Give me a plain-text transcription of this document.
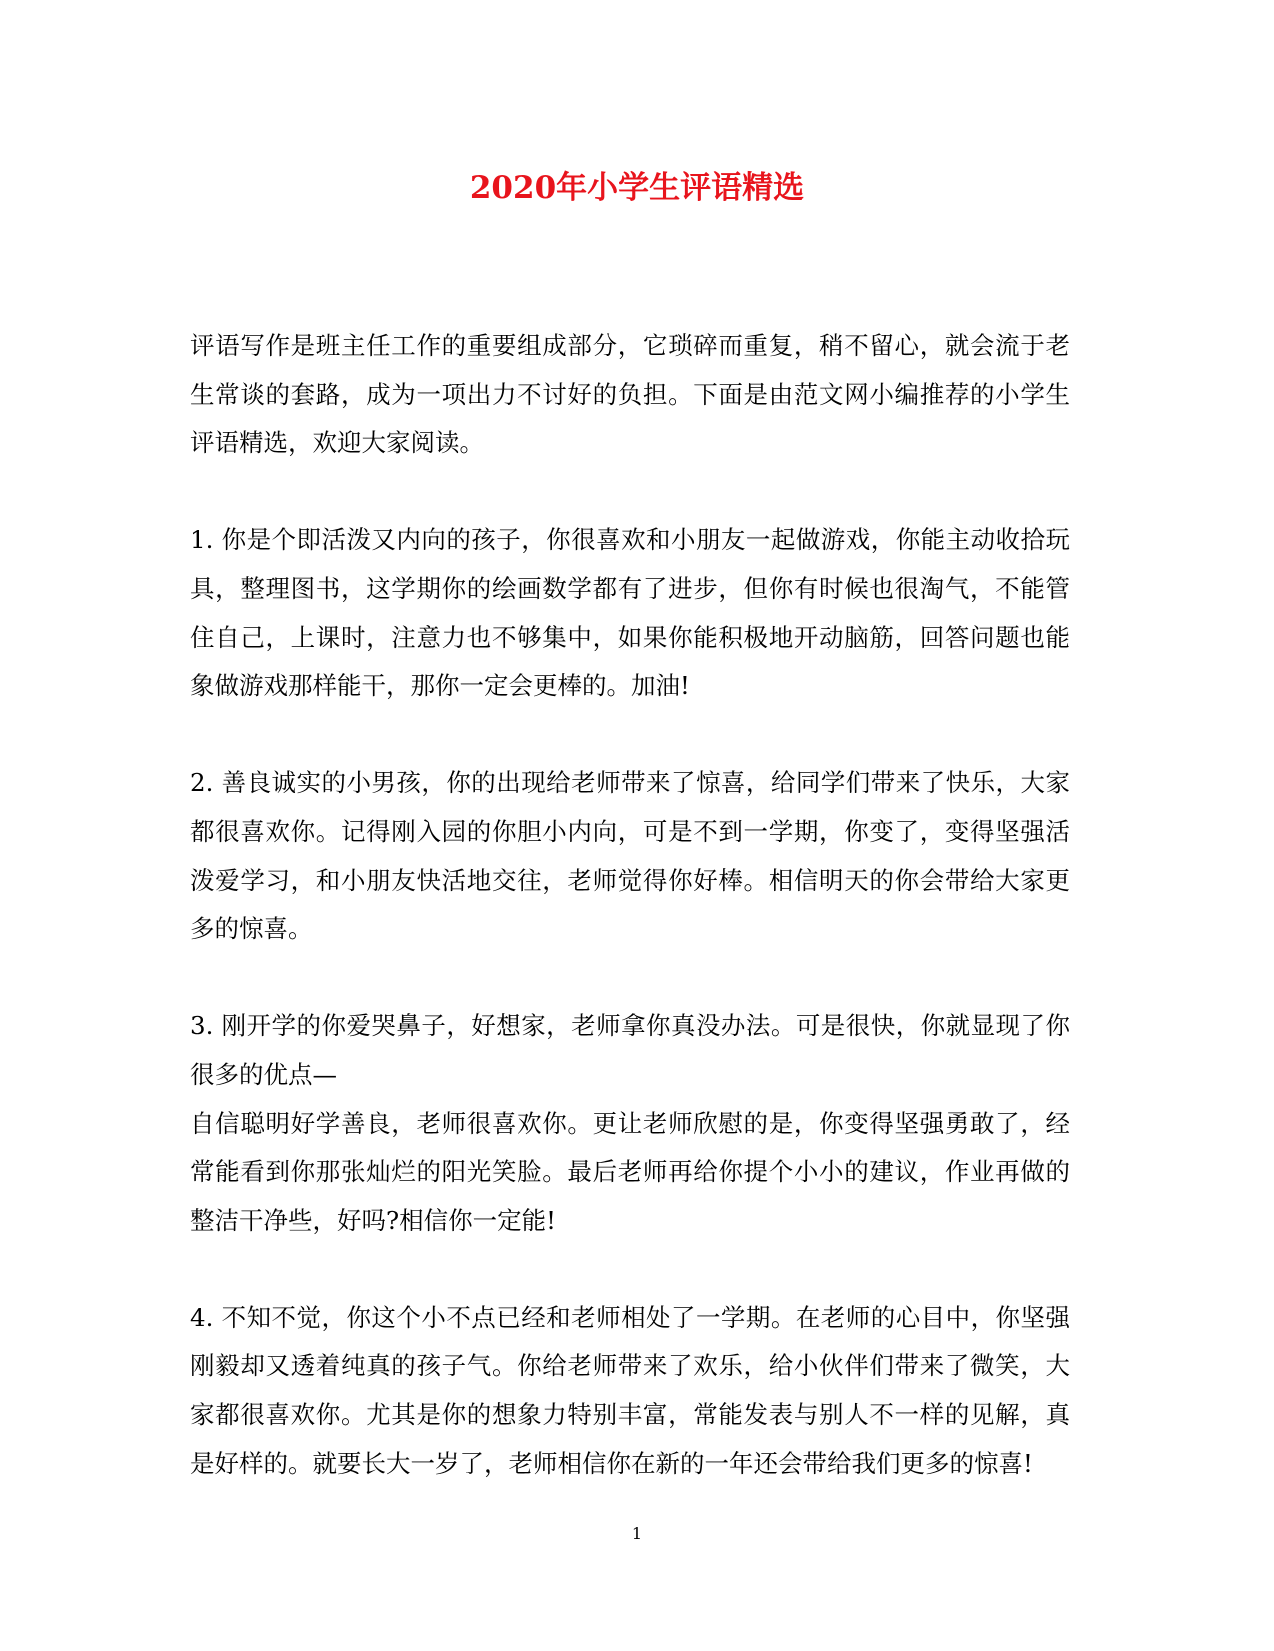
2020年小学生评语精选

评语写作是班主任工作的重要组成部分，它琐碎而重复，稍不留心，就会流于老生常谈的套路，成为一项出力不讨好的负担。下面是由范文网小编推荐的小学生评语精选，欢迎大家阅读。

1. 你是个即活泼又内向的孩子，你很喜欢和小朋友一起做游戏，你能主动收拾玩具，整理图书，这学期你的绘画数学都有了进步，但你有时候也很淘气，不能管住自己，上课时，注意力也不够集中，如果你能积极地开动脑筋，回答问题也能象做游戏那样能干，那你一定会更棒的。加油!

2. 善良诚实的小男孩，你的出现给老师带来了惊喜，给同学们带来了快乐，大家都很喜欢你。记得刚入园的你胆小内向，可是不到一学期，你变了，变得坚强活泼爱学习，和小朋友快活地交往，老师觉得你好棒。相信明天的你会带给大家更多的惊喜。

3. 刚开学的你爱哭鼻子，好想家，老师拿你真没办法。可是很快，你就显现了你很多的优点—

自信聪明好学善良，老师很喜欢你。更让老师欣慰的是，你变得坚强勇敢了，经常能看到你那张灿烂的阳光笑脸。最后老师再给你提个小小的建议，作业再做的整洁干净些，好吗?相信你一定能!

4. 不知不觉，你这个小不点已经和老师相处了一学期。在老师的心目中，你坚强刚毅却又透着纯真的孩子气。你给老师带来了欢乐，给小伙伴们带来了微笑，大家都很喜欢你。尤其是你的想象力特别丰富，常能发表与别人不一样的见解，真是好样的。就要长大一岁了，老师相信你在新的一年还会带给我们更多的惊喜!

1
